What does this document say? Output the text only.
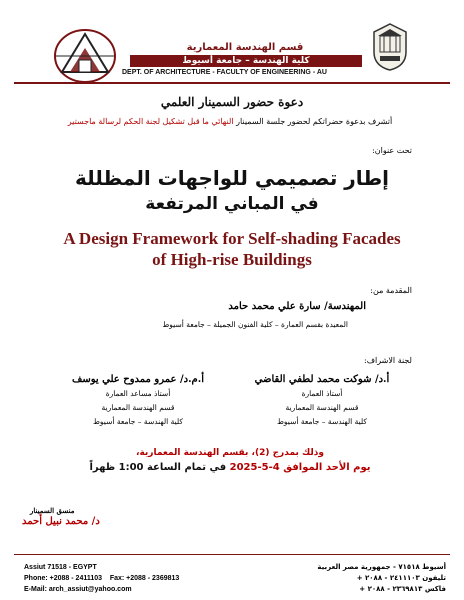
قسم الهندسة المعمارية
كلية الهندسة – جامعة أسيوط
DEPT. OF ARCHITECTURE - FACULTY OF ENGINEERING - AU
دعوة حضور السمينار العلمي
أتشرف بدعوة حضراتكم لحضور جلسة السمينار النهائي ما قبل تشكيل لجنة الحكم لرسالة ماجستير
تحت عنوان:
إطار تصميمي للواجهات المظللة
في المباني المرتفعة
A Design Framework for Self-shading Facades
of High-rise Buildings
المقدمة من:
المهندسة/ سارة علي محمد حامد
المعيدة بقسم العمارة – كلية الفنون الجميلة – جامعة أسيوط
لجنة الاشراف:
أ.د/ شوكت محمد لطفي القاضي
أستاذ العمارة
قسم الهندسة المعمارية
كلية الهندسة – جامعة أسيوط
أ.م.د/ عمرو ممدوح علي يوسف
أستاذ مساعد العمارة
قسم الهندسة المعمارية
كلية الهندسة – جامعة أسيوط
وذلك بمدرج (2)، بقسم الهندسة المعمارية،
يوم الأحد الموافق 4-5-2025 في تمام الساعة 1:00 ظهراً
منسق السمينار
د/ محمد نبيل أحمد
Assiut 71518 - EGYPT
Phone: +2088 - 2411103 Fax: +2088 - 2369813
E-Mail: arch_assiut@yahoo.com
أسيوط ٧١٥١٨ - جمهورية مصر العربية
تليفون ٢٤١١١٠٣ - ٢٠٨٨ +
فاكس ٢٣٦٩٨١٣ - ٢٠٨٨ +
